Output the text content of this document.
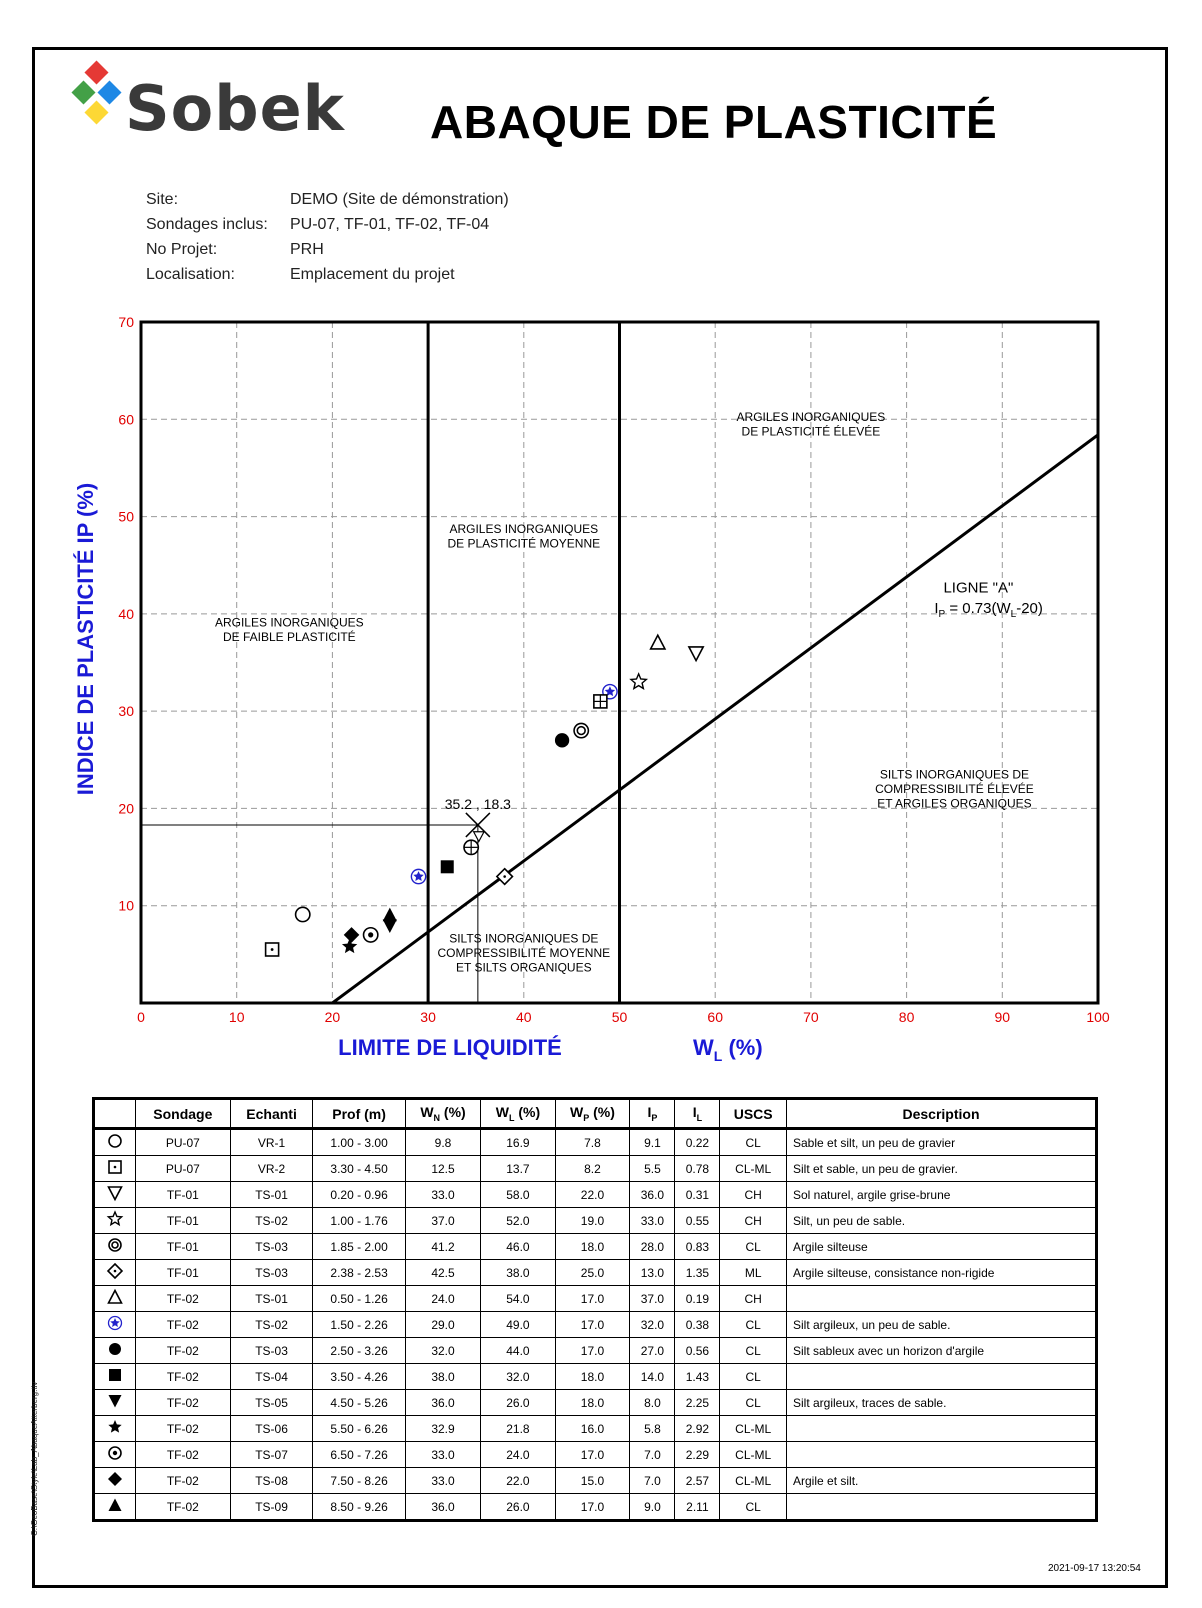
Sobek ABAQUE DE PLASTICITÉ
Site:	DEMO (Site de démonstration)
Sondages inclus: PU-07, TF-01, TF-02, TF-04
No Projet:	PRH
Localisation:	Emplacement du projet
ARGILES INORGANIQUES
DE PLASTICITÉ ÉLEVÉE
ARGILES INORGANIQUES
DE PLASTICITÉ MOYENNE
ARGILES INORGANIQUES
DE FAIBLE PLASTICITÉ
SILTS INORGANIQUES DE
COMPRESSIBILITÉ ÉLEVÉE
ET ARGILES ORGANIQUES
SILTS INORGANIQUES DE
COMPRESSIBILITÉ MOYENNE
ET SILTS ORGANIQUES
LIGNE "A"
$I_P = 0.73(W_L-20)$
35.2 , 18.3
0	10	20	30	40	50	60	70	80	90	100
10
20
30
40
50
60
70
LIMITE DE LIQUIDITÉ	$W_L$ (%)
INDICE DE PLASTICITÉ IP (%)
	Sondage	Echanti	Prof (m)	$W_N$ (%)	$W_L$ (%)	$W_P$ (%)	$I_P$	$I_L$	USCS	Description
	PU-07	VR-1	1.00 - 3.00	9.8	16.9	7.8	9.1	0.22	CL	Sable et silt, un peu de gravier
	PU-07	VR-2	3.30 - 4.50	12.5	13.7	8.2	5.5	0.78	CL-ML	Silt et sable, un peu de gravier.
	TF-01	TS-01	0.20 - 0.96	33.0	58.0	22.0	36.0	0.31	CH	Sol naturel, argile grise-brune
	TF-01	TS-02	1.00 - 1.76	37.0	52.0	19.0	33.0	0.55	CH	Silt, un peu de sable.
	TF-01	TS-03	1.85 - 2.00	41.2	46.0	18.0	28.0	0.83	CL	Argile silteuse
	TF-01	TS-03	2.38 - 2.53	42.5	38.0	25.0	13.0	1.35	ML	Argile silteuse, consistance non-rigide
	TF-02	TS-01	0.50 - 1.26	24.0	54.0	17.0	37.0	0.19	CH	
	TF-02	TS-02	1.50 - 2.26	29.0	49.0	17.0	32.0	0.38	CL	Silt argileux, un peu de sable.
	TF-02	TS-03	2.50 - 3.26	32.0	44.0	17.0	27.0	0.56	CL	Silt sableux avec un horizon d'argile
	TF-02	TS-04	3.50 - 4.26	38.0	32.0	18.0	14.0	1.43	CL	
	TF-02	TS-05	4.50 - 5.26	36.0	26.0	18.0	8.0	2.25	CL	Silt argileux, traces de sable.
	TF-02	TS-06	5.50 - 6.26	32.9	21.8	16.0	5.8	2.92	CL-ML	
	TF-02	TS-07	6.50 - 7.26	33.0	24.0	17.0	7.0	2.29	CL-ML	
	TF-02	TS-08	7.50 - 8.26	33.0	22.0	15.0	7.0	2.57	CL-ML	Argile et silt.
	TF-02	TS-09	8.50 - 9.26	36.0	26.0	17.0	9.0	2.11	CL	
2021-09-17 13:20:54
C:\GeoBase\Style\Lab_AbaqueAtterberg.tiv
